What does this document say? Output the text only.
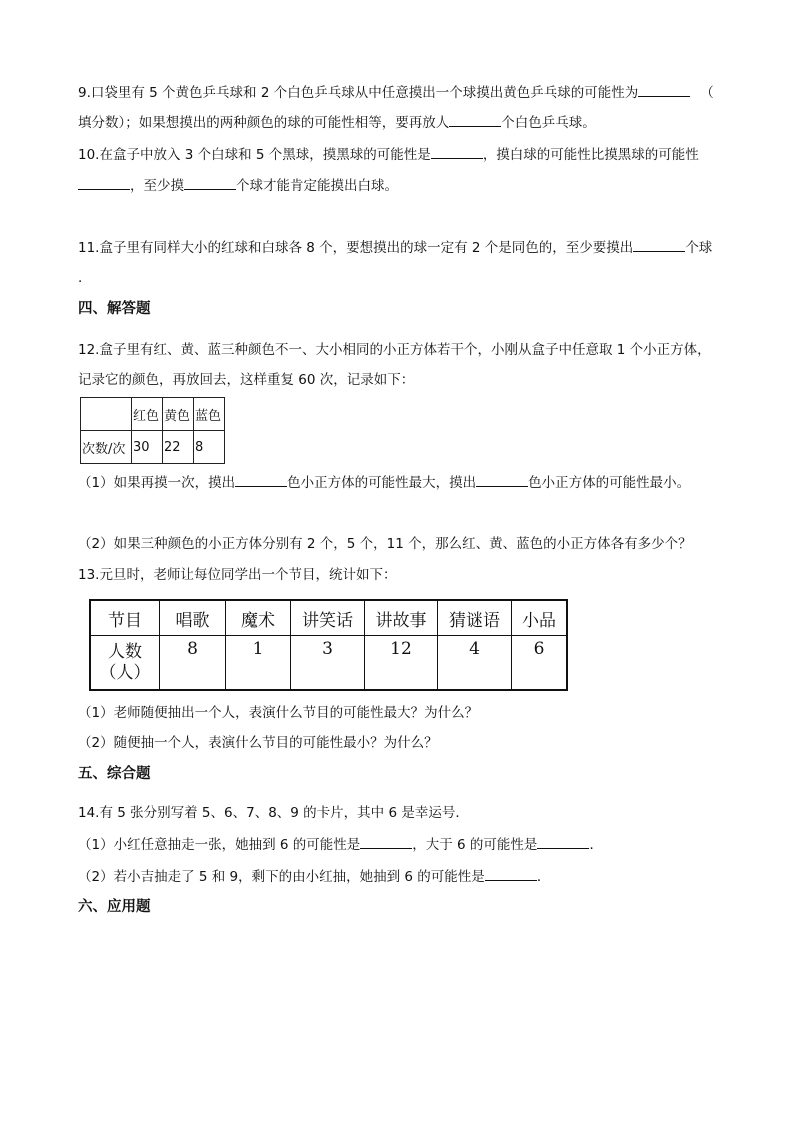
9.口袋里有 5 个黄色乒乓球和 2 个白色乒乓球从中任意摸出一个球摸出黄色乒乓球的可能性为	（
填分数）；如果想摸出的两种颜色的球的可能性相等，要再放人	个白色乒乓球。
10.在盒子中放入 3 个白球和 5 个黑球，摸黑球的可能性是	，摸白球的可能性比摸黑球的可能性
，至少摸	个球才能肯定能摸出白球。
11.盒子里有同样大小的红球和白球各 8 个，要想摸出的球一定有 2 个是同色的，至少要摸出	个球
.
四、解答题
12.盒子里有红、黄、蓝三种颜色不一、大小相同的小正方体若干个，小刚从盒子中任意取 1 个小正方体，
记录它的颜色，再放回去，这样重复 60 次，记录如下：
	红色	黄色	蓝色
次数/次	30	22	8
（1）如果再摸一次，摸出	色小正方体的可能性最大，摸出	色小正方体的可能性最小。
（2）如果三种颜色的小正方体分别有 2 个，5 个，11 个，那么红、黄、蓝色的小正方体各有多少个？
13.元旦时，老师让每位同学出一个节目，统计如下：
节目	唱歌	魔术	讲笑话	讲故事	猜谜语	小品

人数
（人）	8	1	3	12	4	6
（1）老师随便抽出一个人，表演什么节目的可能性最大？为什么？
（2）随便抽一个人，表演什么节目的可能性最小？为什么？
五、综合题
14.有 5 张分别写着 5、6、7、8、9 的卡片，其中 6 是幸运号．
（1）小红任意抽走一张，她抽到 6 的可能性是	，大于 6 的可能性是	．
（2）若小吉抽走了 5 和 9，剩下的由小红抽，她抽到 6 的可能性是	．
六、应用题
